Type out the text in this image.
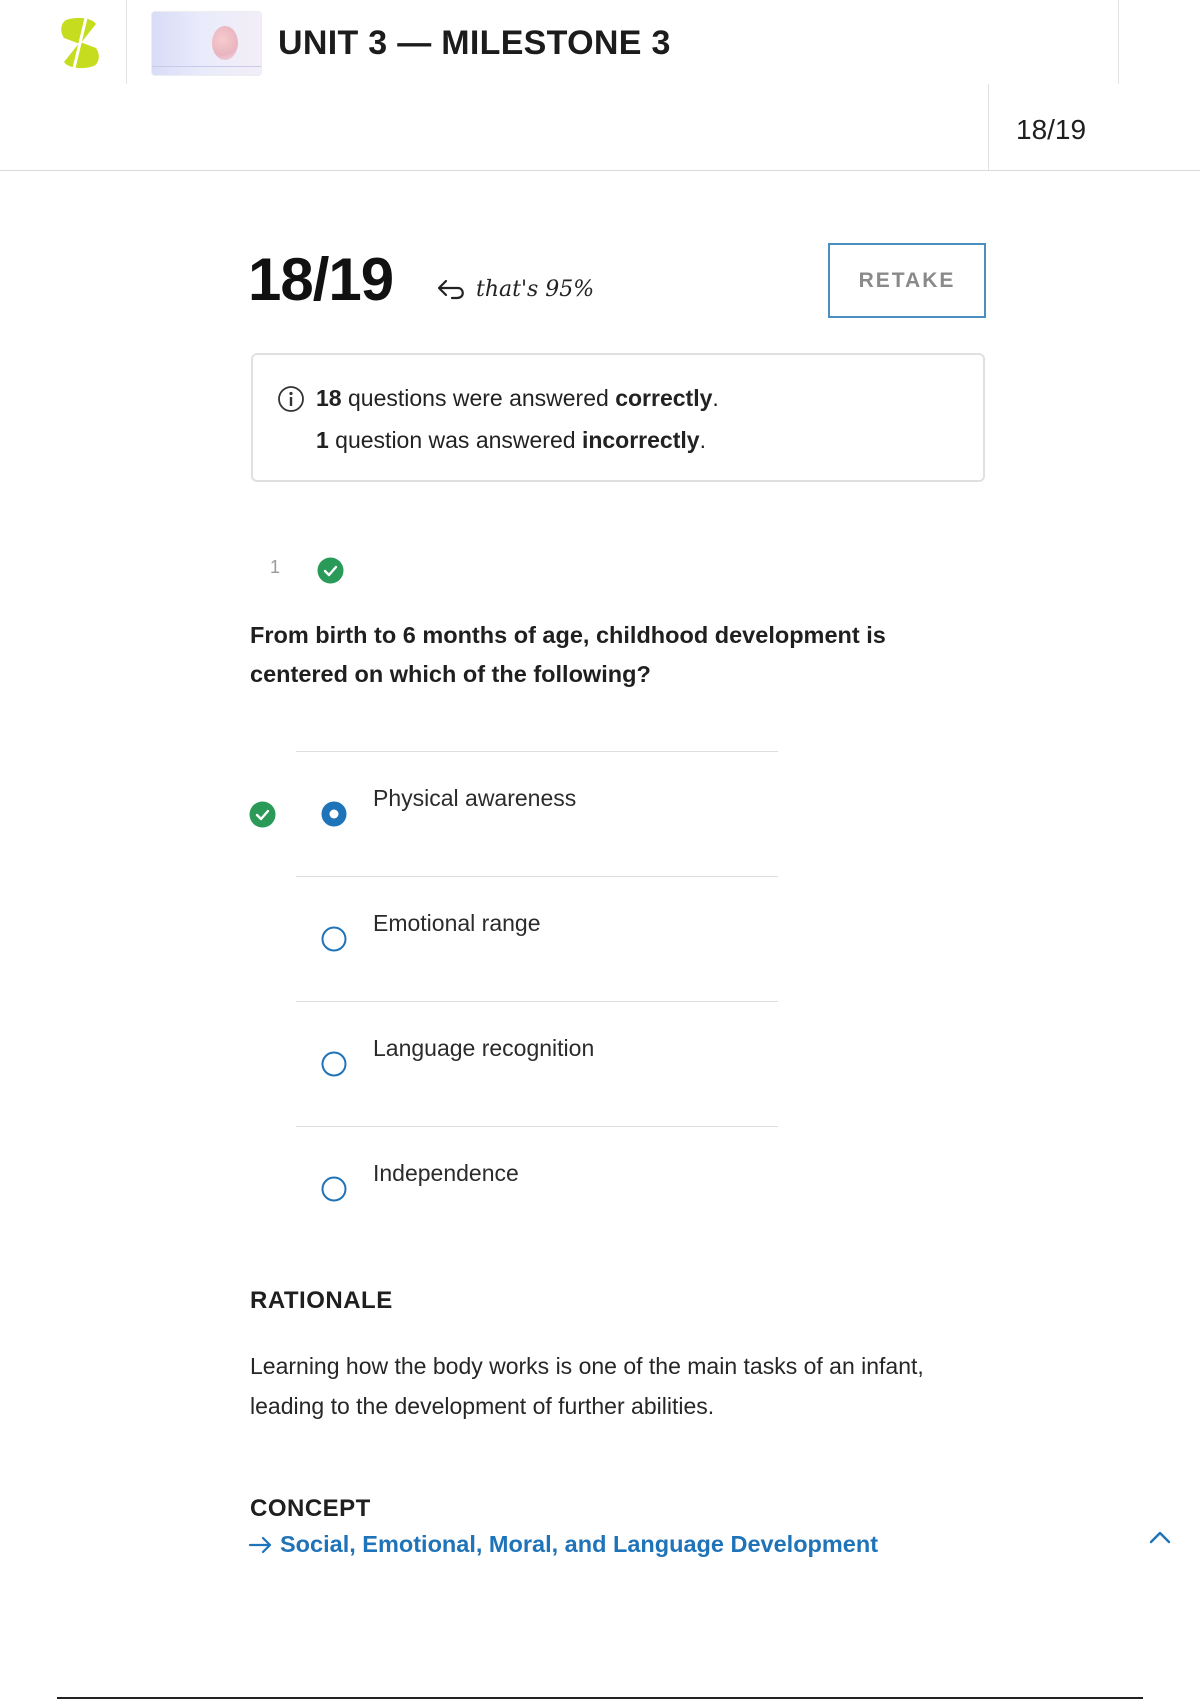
UNIT 3 — MILESTONE 3
18/19
18/19	that's 95%	RETAKE

18 questions were answered correctly.

1 question was answered incorrectly.

1

From birth to 6 months of age, childhood development is centered on which of the following?

Physical awareness
Emotional range
Language recognition
Independence
RATIONALE

Learning how the body works is one of the main tasks of an infant, leading to the development of further abilities.

CONCEPT
Social, Emotional, Moral, and Language Development
